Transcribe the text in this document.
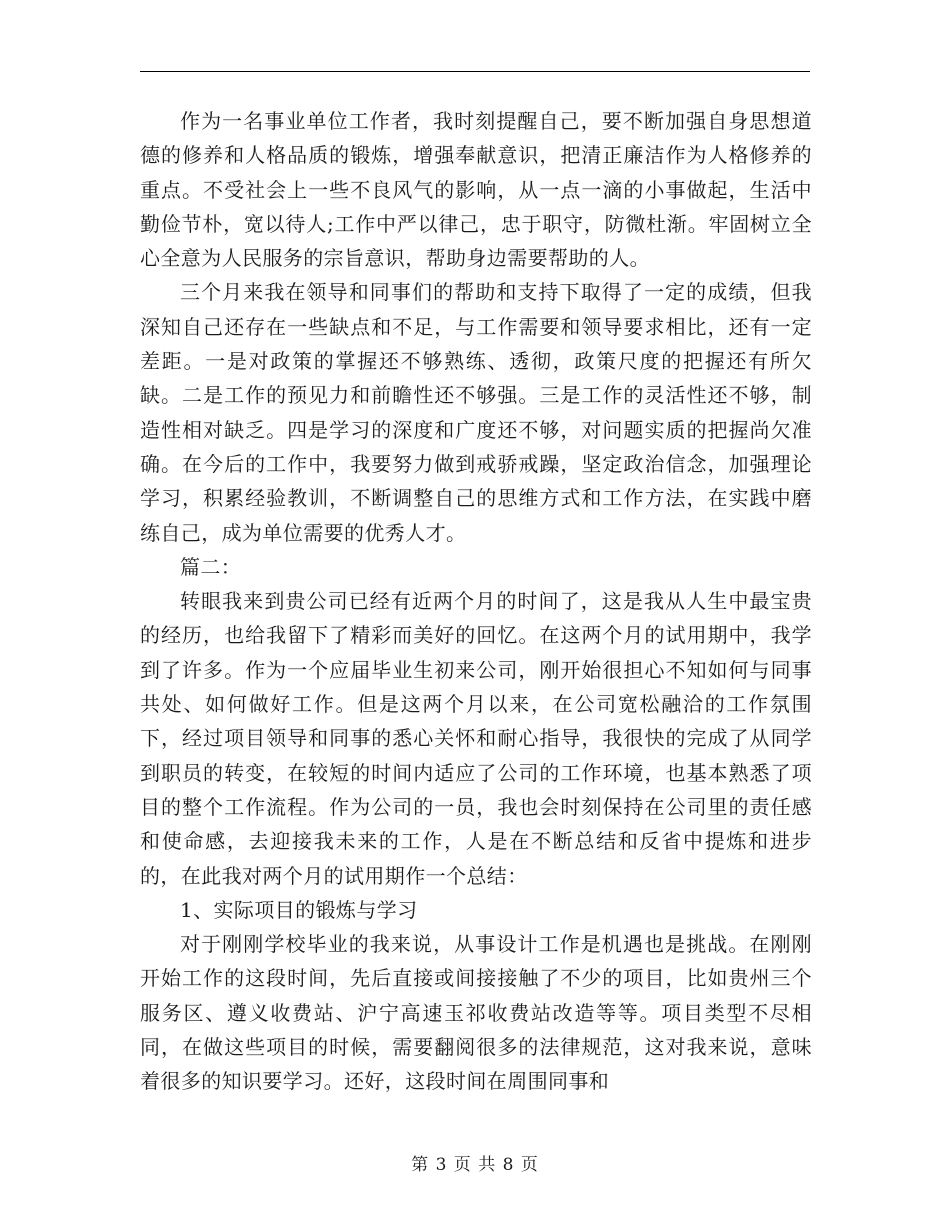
作为一名事业单位工作者，我时刻提醒自己，要不断加强自身思想道德的修养和人格品质的锻炼，增强奉献意识，把清正廉洁作为人格修养的重点。不受社会上一些不良风气的影响，从一点一滴的小事做起，生活中勤俭节朴，宽以待人;工作中严以律己，忠于职守，防微杜渐。牢固树立全心全意为人民服务的宗旨意识，帮助身边需要帮助的人。

三个月来我在领导和同事们的帮助和支持下取得了一定的成绩，但我深知自己还存在一些缺点和不足，与工作需要和领导要求相比，还有一定差距。一是对政策的掌握还不够熟练、透彻，政策尺度的把握还有所欠缺。二是工作的预见力和前瞻性还不够强。三是工作的灵活性还不够，制造性相对缺乏。四是学习的深度和广度还不够，对问题实质的把握尚欠准确。在今后的工作中，我要努力做到戒骄戒躁，坚定政治信念，加强理论学习，积累经验教训，不断调整自己的思维方式和工作方法，在实践中磨练自己，成为单位需要的优秀人才。

篇二：

转眼我来到贵公司已经有近两个月的时间了，这是我从人生中最宝贵的经历，也给我留下了精彩而美好的回忆。在这两个月的试用期中，我学到了许多。作为一个应届毕业生初来公司，刚开始很担心不知如何与同事共处、如何做好工作。但是这两个月以来，在公司宽松融洽的工作氛围下，经过项目领导和同事的悉心关怀和耐心指导，我很快的完成了从同学到职员的转变，在较短的时间内适应了公司的工作环境，也基本熟悉了项目的整个工作流程。作为公司的一员，我也会时刻保持在公司里的责任感和使命感，去迎接我未来的工作，人是在不断总结和反省中提炼和进步的，在此我对两个月的试用期作一个总结：

1、实际项目的锻炼与学习

对于刚刚学校毕业的我来说，从事设计工作是机遇也是挑战。在刚刚开始工作的这段时间，先后直接或间接接触了不少的项目，比如贵州三个服务区、遵义收费站、沪宁高速玉祁收费站改造等等。项目类型不尽相同，在做这些项目的时候，需要翻阅很多的法律规范，这对我来说，意味着很多的知识要学习。还好，这段时间在周围同事和

第 3 页 共 8 页
